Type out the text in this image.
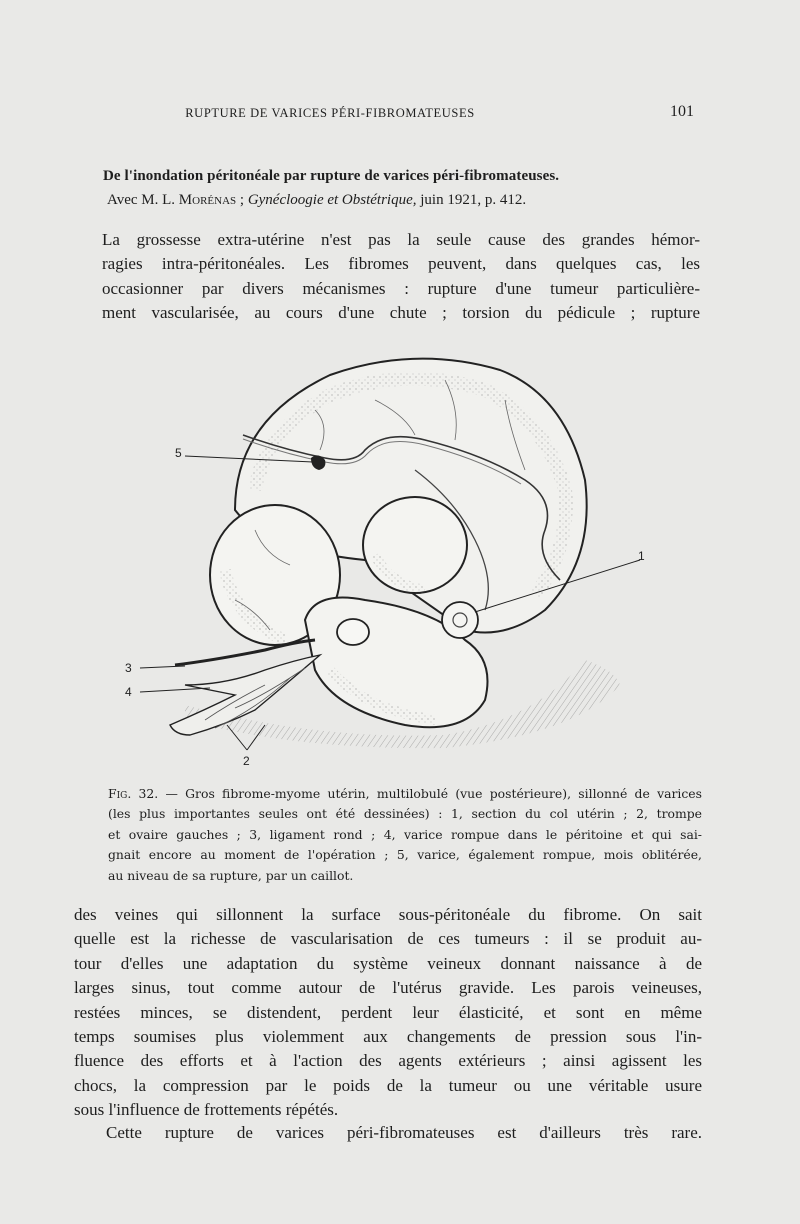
RUPTURE DE VARICES PÉRI-FIBROMATEUSES	101
De l'inondation péritonéale par rupture de varices péri-fibromateuses.
Avec M. L. Morénas ; Gynécloogie et Obstétrique, juin 1921, p. 412.

La grossesse extra-utérine n'est pas la seule cause des grandes hémor-
ragies intra-péritonéales. Les fibromes peuvent, dans quelques cas, les
occasionner par divers mécanismes : rupture d'une tumeur particulière-
ment vascularisée, au cours d'une chute ; torsion du pédicule ; rupture

5
1
3
4
2
Fig. 32. — Gros fibrome-myome utérin, multilobulé (vue postérieure), sillonné de varices
(les plus importantes seules ont été dessinées) : 1, section du col utérin ; 2, trompe
et ovaire gauches ; 3, ligament rond ; 4, varice rompue dans le péritoine et qui sai-
gnait encore au moment de l'opération ; 5, varice, également rompue, mois oblitérée,
au niveau de sa rupture, par un caillot.

des veines qui sillonnent la surface sous-péritonéale du fibrome. On sait
quelle est la richesse de vascularisation de ces tumeurs : il se produit au-
tour d'elles une adaptation du système veineux donnant naissance à de
larges sinus, tout comme autour de l'utérus gravide. Les parois veineuses,
restées minces, se distendent, perdent leur élasticité, et sont en même
temps soumises plus violemment aux changements de pression sous l'in-
fluence des efforts et à l'action des agents extérieurs ; ainsi agissent les
chocs, la compression par le poids de la tumeur ou une véritable usure
sous l'influence de frottements répétés.

Cette rupture de varices péri-fibromateuses est d'ailleurs très rare.
